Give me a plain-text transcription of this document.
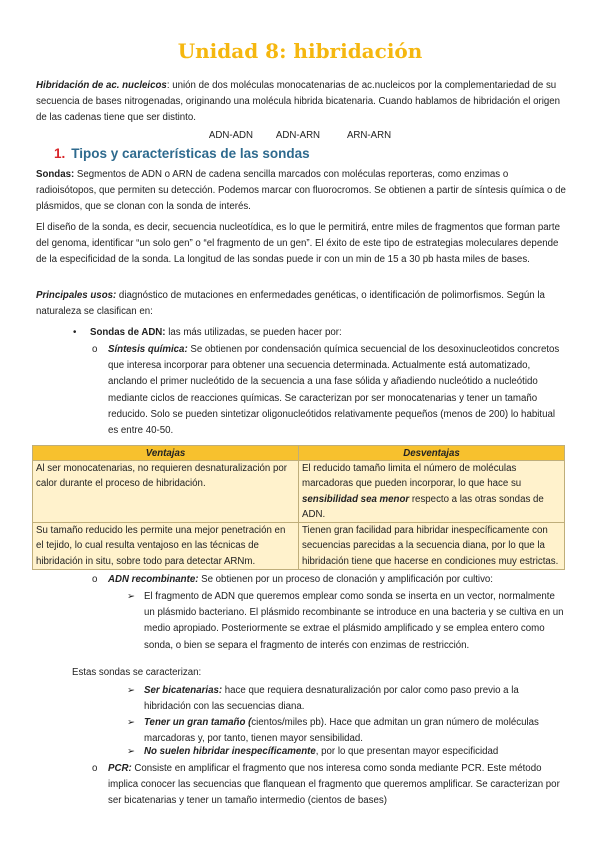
Unidad 8: hibridación
Hibridación de ac. nucleicos: unión de dos moléculas monocatenarias de ac.nucleicos por la complementariedad de su secuencia de bases nitrogenadas, originando una molécula hibrida bicatenaria. Cuando hablamos de hibridación el origen de las cadenas tiene que ser distinto.
ADN-ADN ADN-ARN	ARN-ARN
1. Tipos y características de las sondas
Sondas: Segmentos de ADN o ARN de cadena sencilla marcados con moléculas reporteras, como enzimas o radioisótopos, que permiten su detección. Podemos marcar con fluorocromos. Se obtienen a partir de síntesis química o de plásmidos, que se clonan con la sonda de interés.
El diseño de la sonda, es decir, secuencia nucleotídica, es lo que le permitirá, entre miles de fragmentos que forman parte del genoma, identificar “un solo gen” o “el fragmento de un gen”. El éxito de este tipo de estrategias moleculares depende de la especificidad de la sonda. La longitud de las sondas puede ir con un min de 15 a 30 pb hasta miles de bases.
Principales usos: diagnóstico de mutaciones en enfermedades genéticas, o identificación de polimorfismos. Según la naturaleza se clasifican en:
• Sondas de ADN: las más utilizadas, se pueden hacer por:
o Síntesis química: Se obtienen por condensación química secuencial de los desoxinucleotidos concretos que interesa incorporar para obtener una secuencia determinada. Actualmente está automatizado, anclando el primer nucleótido de la secuencia a una fase sólida y añadiendo nucleótido a nucleótido mediante ciclos de reacciones químicas. Se caracterizan por ser monocatenarias y tener un tamaño reducido. Solo se pueden sintetizar oligonucleótidos relativamente pequeños (menos de 200) lo habitual es entre 40-50.
Ventajas	Desventajas
Al ser monocatenarias, no requieren desnaturalización por calor durante el proceso de hibridación.	El reducido tamaño limita el número de moléculas marcadoras que pueden incorporar, lo que hace su sensibilidad sea menor respecto a las otras sondas de ADN.
Su tamaño reducido les permite una mejor penetración en el tejido, lo cual resulta ventajoso en las técnicas de hibridación in situ, sobre todo para detectar ARNm.	Tienen gran facilidad para hibridar inespecíficamente con secuencias parecidas a la secuencia diana, por lo que la hibridación tiene que hacerse en condiciones muy estrictas.
o ADN recombinante: Se obtienen por un proceso de clonación y amplificación por cultivo:
➢ El fragmento de ADN que queremos emplear como sonda se inserta en un vector, normalmente un plásmido bacteriano. El plásmido recombinante se introduce en una bacteria y se cultiva en un medio apropiado. Posteriormente se extrae el plásmido amplificado y se emplea entero como sonda, o bien se separa el fragmento de interés con enzimas de restricción.
Estas sondas se caracterizan:
➢ Ser bicatenarias: hace que requiera desnaturalización por calor como paso previo a la hibridación con las secuencias diana.
➢ Tener un gran tamaño (cientos/miles pb). Hace que admitan un gran número de moléculas marcadoras y, por tanto, tienen mayor sensibilidad.
➢ No suelen hibridar inespecíficamente, por lo que presentan mayor especificidad
o PCR: Consiste en amplificar el fragmento que nos interesa como sonda mediante PCR. Este método implica conocer las secuencias que flanquean el fragmento que queremos amplificar. Se caracterizan por ser bicatenarias y tener un tamaño intermedio (cientos de bases)
